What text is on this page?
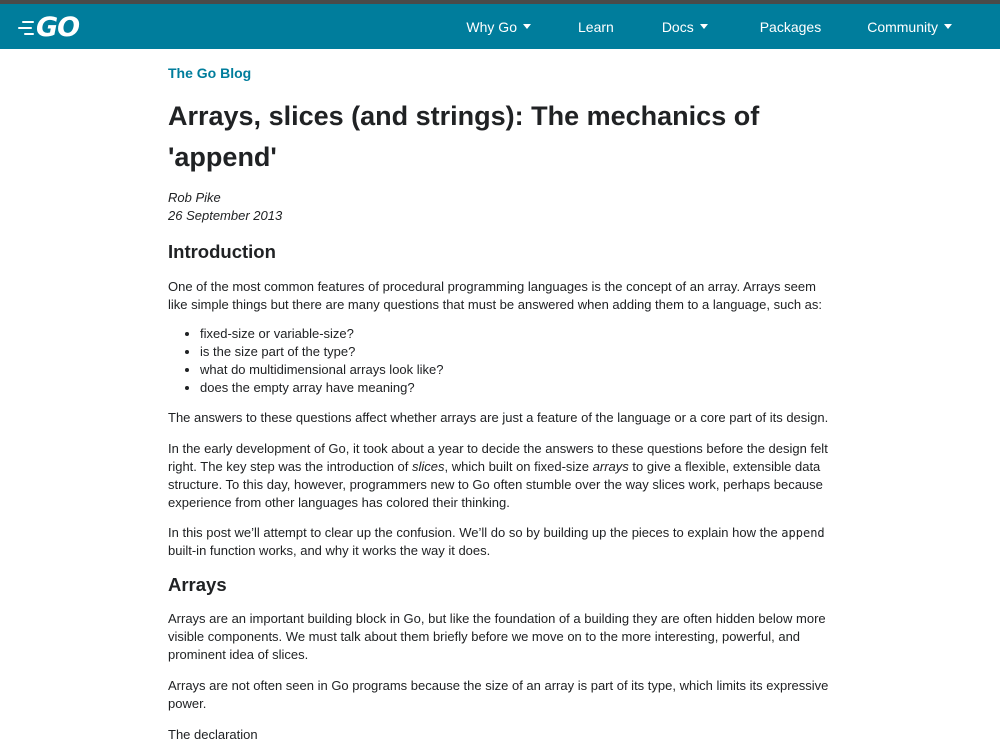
GO	Why Go	Learn	Docs	Packages	Community
The Go Blog
Arrays, slices (and strings): The mechanics of
'append'
Rob Pike
26 September 2013
Introduction

One of the most common features of procedural programming languages is the concept of an array. Arrays seem like simple things but there are many questions that must be answered when adding them to a language, such as:

• fixed-size or variable-size?
• is the size part of the type?
• what do multidimensional arrays look like?
• does the empty array have meaning?

The answers to these questions affect whether arrays are just a feature of the language or a core part of its design.

In the early development of Go, it took about a year to decide the answers to these questions before the design felt right. The key step was the introduction of slices, which built on fixed-size arrays to give a flexible, extensible data structure. To this day, however, programmers new to Go often stumble over the way slices work, perhaps because experience from other languages has colored their thinking.

In this post we’ll attempt to clear up the confusion. We’ll do so by building up the pieces to explain how the append built-in function works, and why it works the way it does.

Arrays

Arrays are an important building block in Go, but like the foundation of a building they are often hidden below more visible components. We must talk about them briefly before we move on to the more interesting, powerful, and prominent idea of slices.

Arrays are not often seen in Go programs because the size of an array is part of its type, which limits its expressive power.

The declaration
